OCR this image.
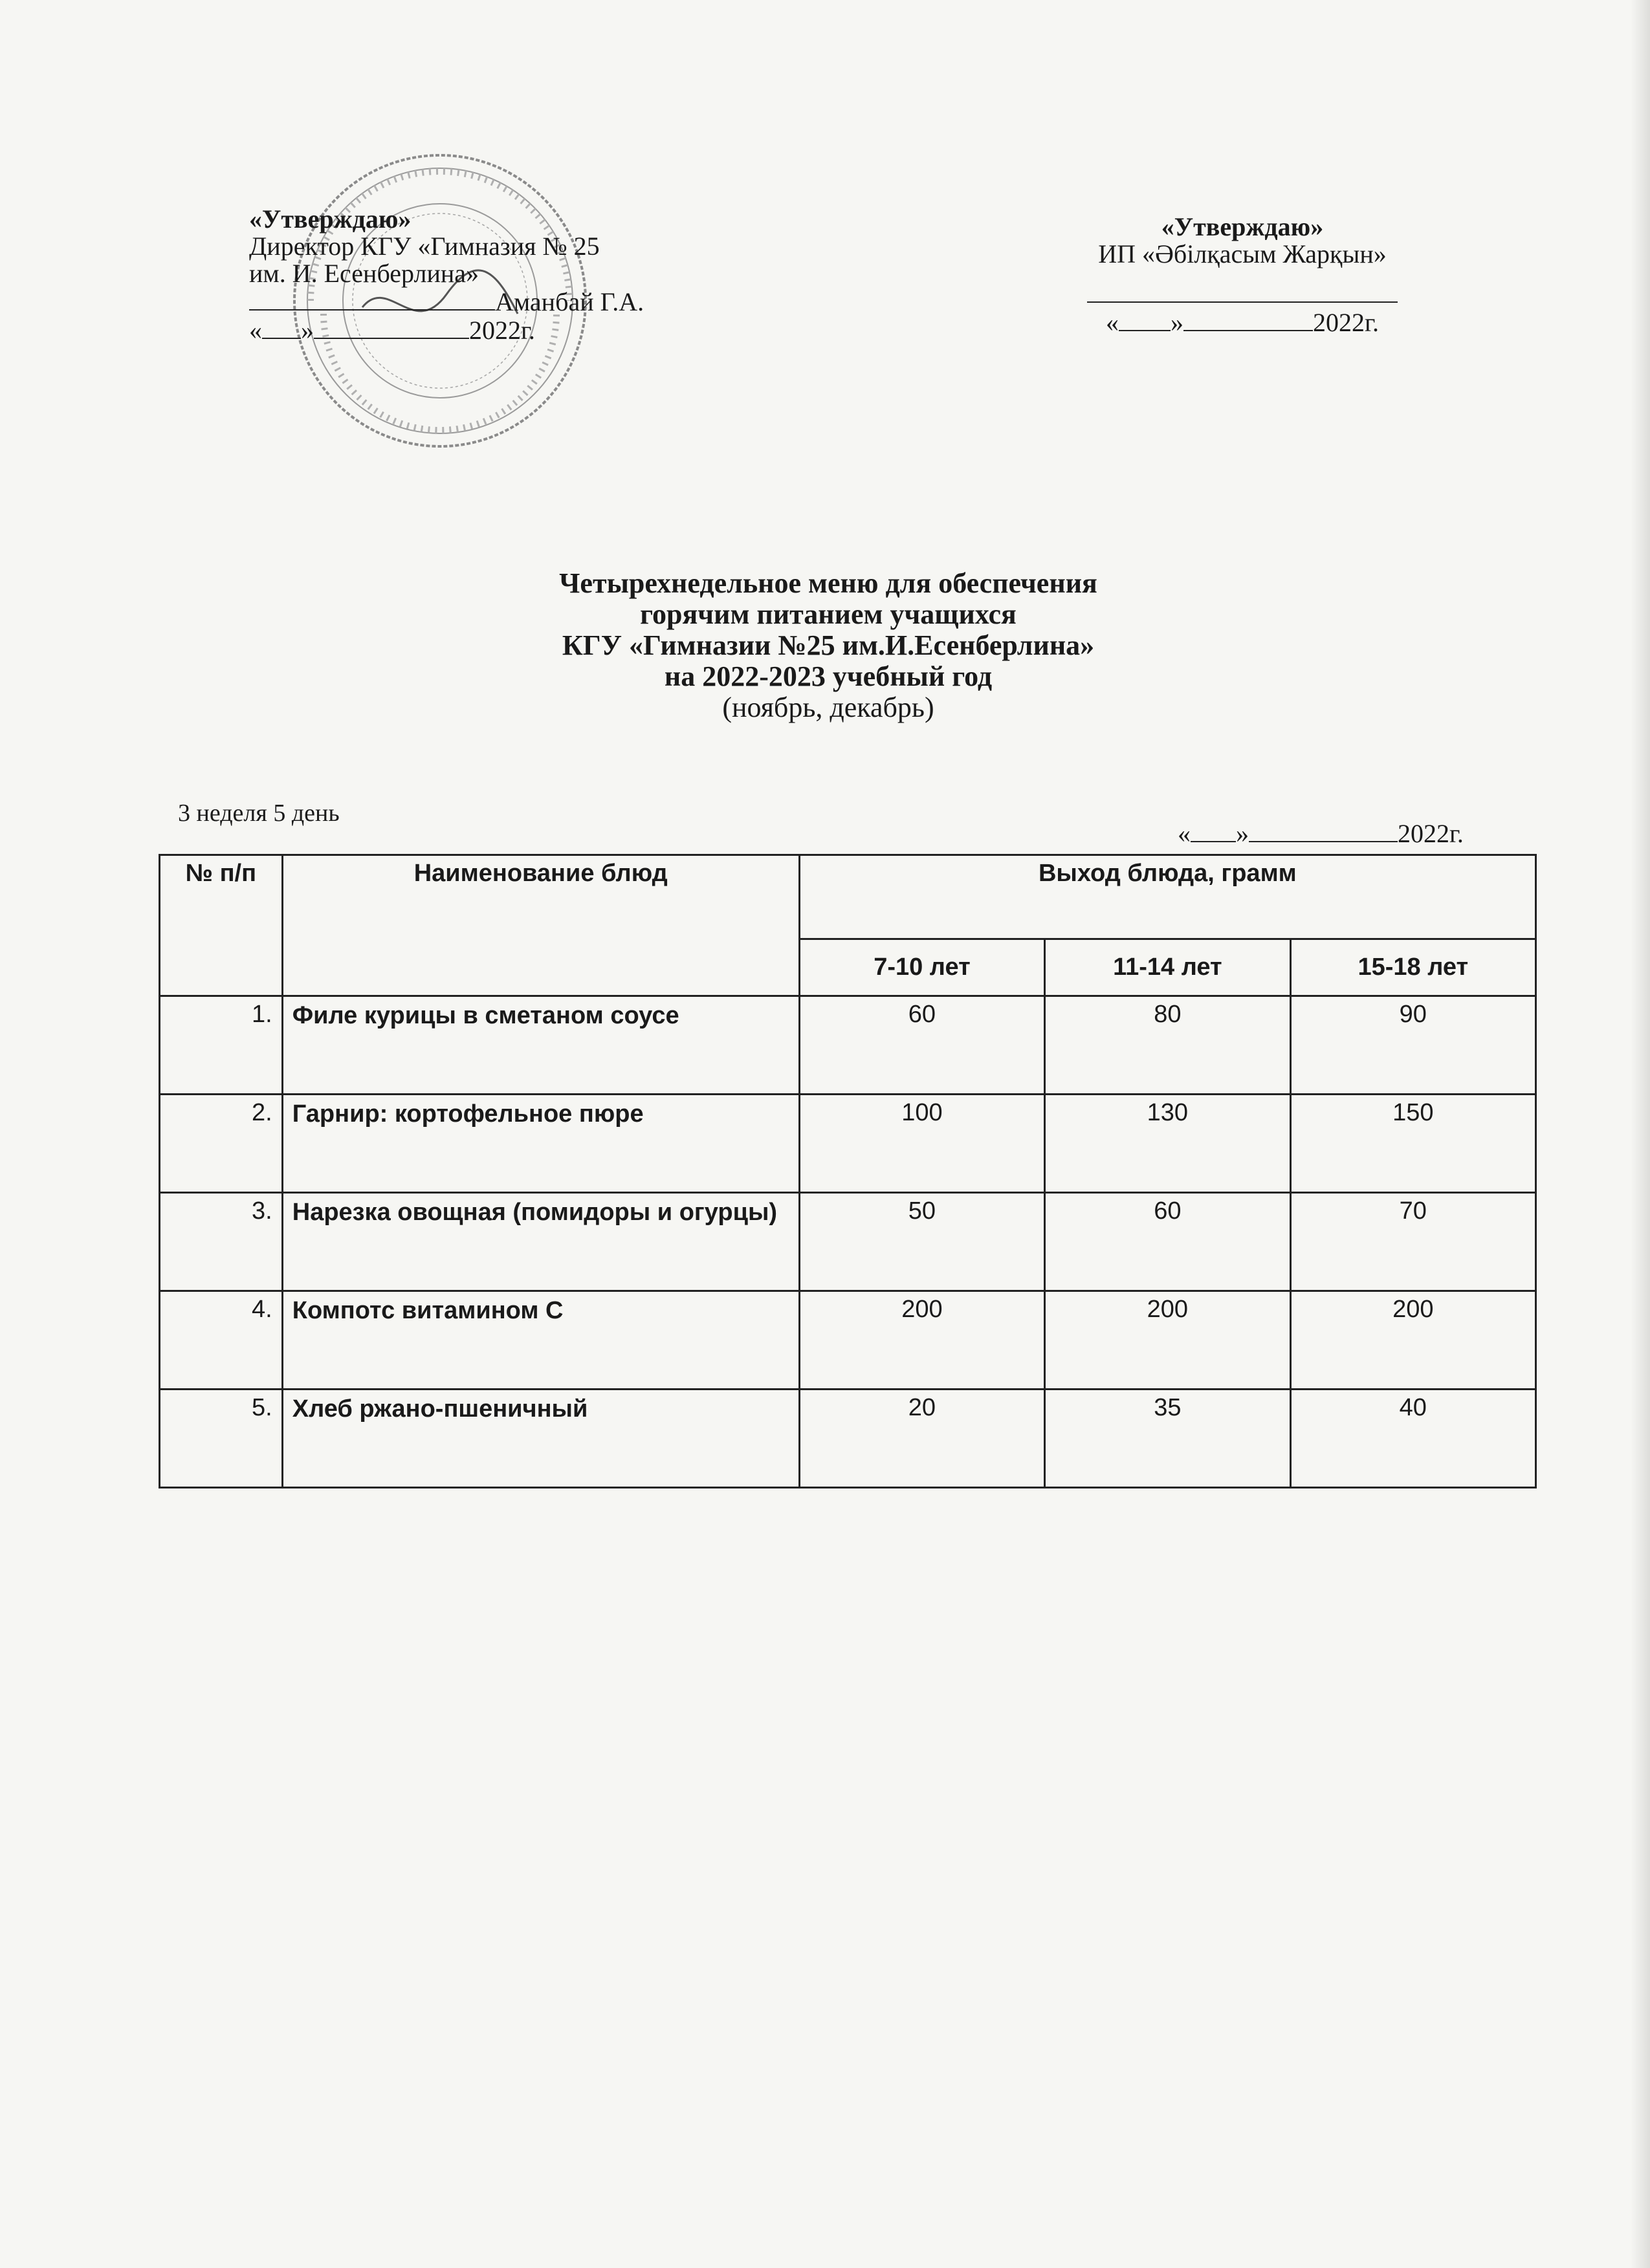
«Утверждаю»
Директор КГУ «Гимназия № 25
им. И. Есенберлина»
Аманбай Г.А.
« »	2022г.
«Утверждаю»
ИП «Әбілқасым Жарқын»
« »	2022г.
Четырехнедельное меню для обеспечения
горячим питанием учащихся
КГУ «Гимназии №25 им.И.Есенберлина»
на 2022-2023 учебный год
(ноябрь, декабрь)
3 неделя 5 день
« »	2022г.
№ п/п	Наименование блюд	Выход блюда, грамм		
		7-10 лет	11-14 лет	15-18 лет
1.	Филе курицы в сметаном соусе	60	80	90
2.	Гарнир: кортофельное пюре	100	130	150
3.	Нарезка овощная (помидоры и огурцы)	50	60	70
4.	Компотс витамином С	200	200	200
5.	Хлеб ржано-пшеничный	20	35	40
